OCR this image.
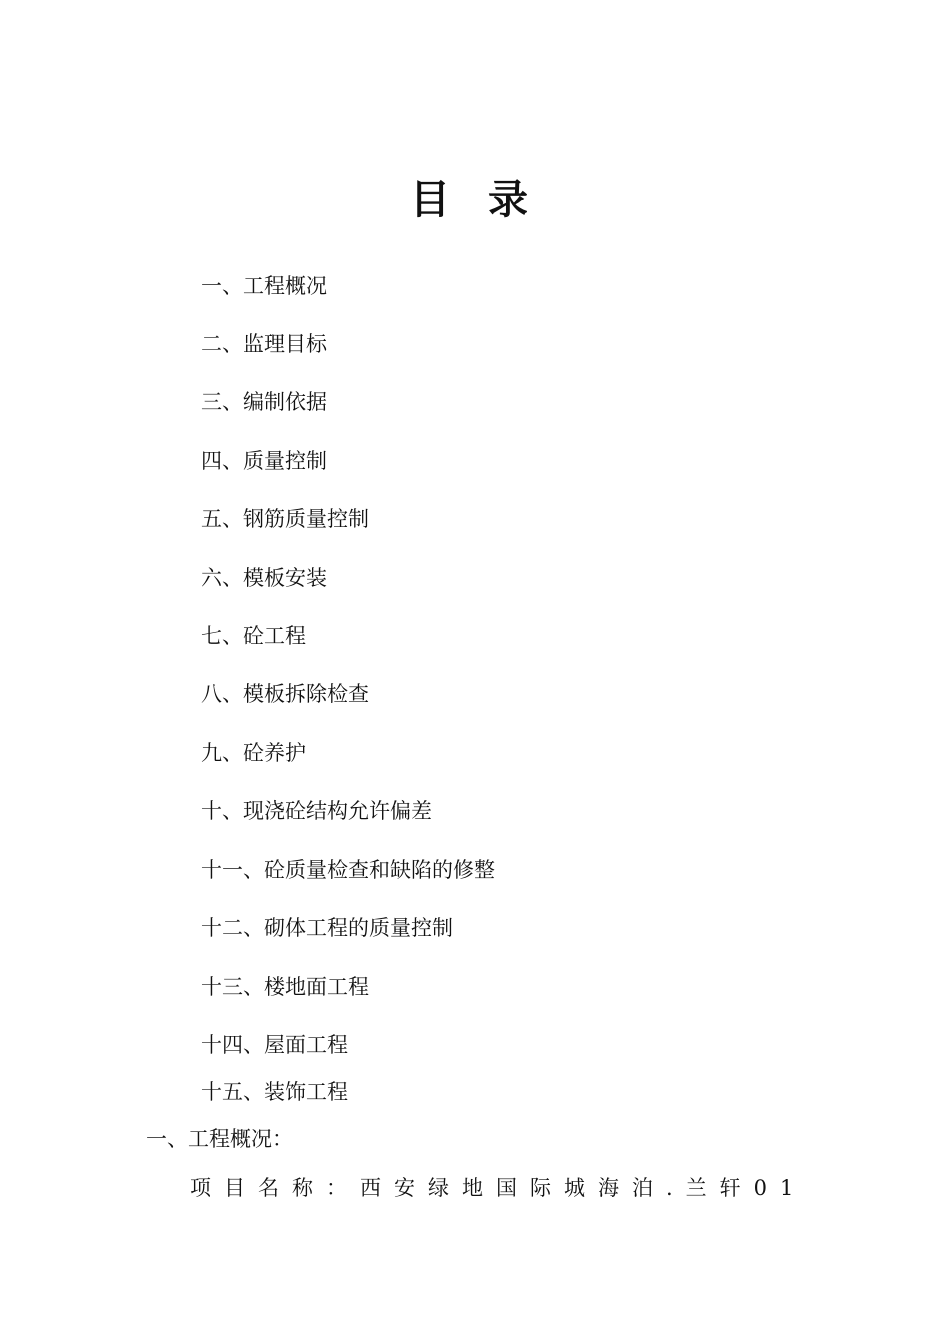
目 录
一、工程概况
二、监理目标
三、编制依据
四、质量控制
五、钢筋质量控制
六、模板安装
七、砼工程
八、模板拆除检查
九、砼养护
十、现浇砼结构允许偏差
十一、砼质量检查和缺陷的修整
十二、砌体工程的质量控制
十三、楼地面工程
十四、屋面工程
十五、装饰工程
一、工程概况：
项目名称：西安绿地国际城海泊.兰轩01
